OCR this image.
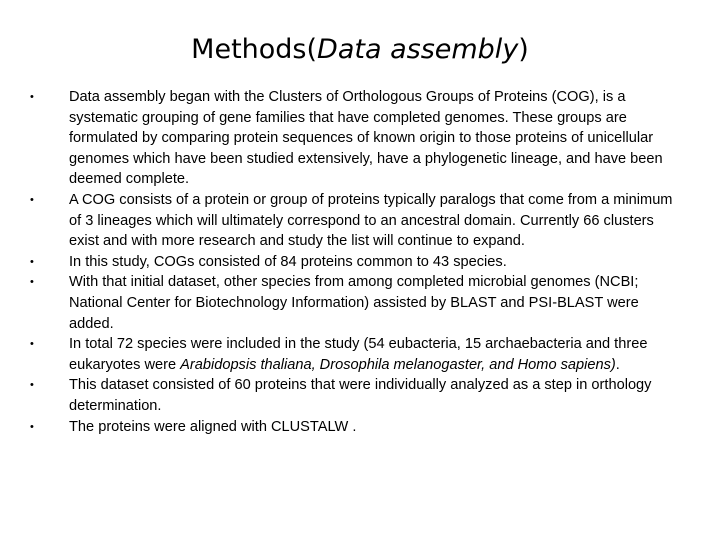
Methods(Data assembly)
•	Data assembly began with the Clusters of Orthologous Groups of Proteins (COG), is a systematic grouping of gene families that have completed genomes. These groups are formulated by comparing protein sequences of known origin to those proteins of unicellular genomes which have been studied extensively, have a phylogenetic lineage, and have been deemed complete.
•	A COG consists of a protein or group of proteins typically paralogs that come from a minimum of 3 lineages which will ultimately correspond to an ancestral domain. Currently 66 clusters exist and with more research and study the list will continue to expand.
•	In this study, COGs consisted of 84 proteins common to 43 species.
•	With that initial dataset, other species from among completed microbial genomes (NCBI; National Center for Biotechnology Information) assisted by BLAST and PSI-BLAST were added.
•	In total 72 species were included in the study (54 eubacteria, 15 archaebacteria and three eukaryotes were Arabidopsis thaliana, Drosophila melanogaster, and Homo sapiens).
•	This dataset consisted of 60 proteins that were individually analyzed as a step in orthology determination.
•	The proteins were aligned with CLUSTALW .
